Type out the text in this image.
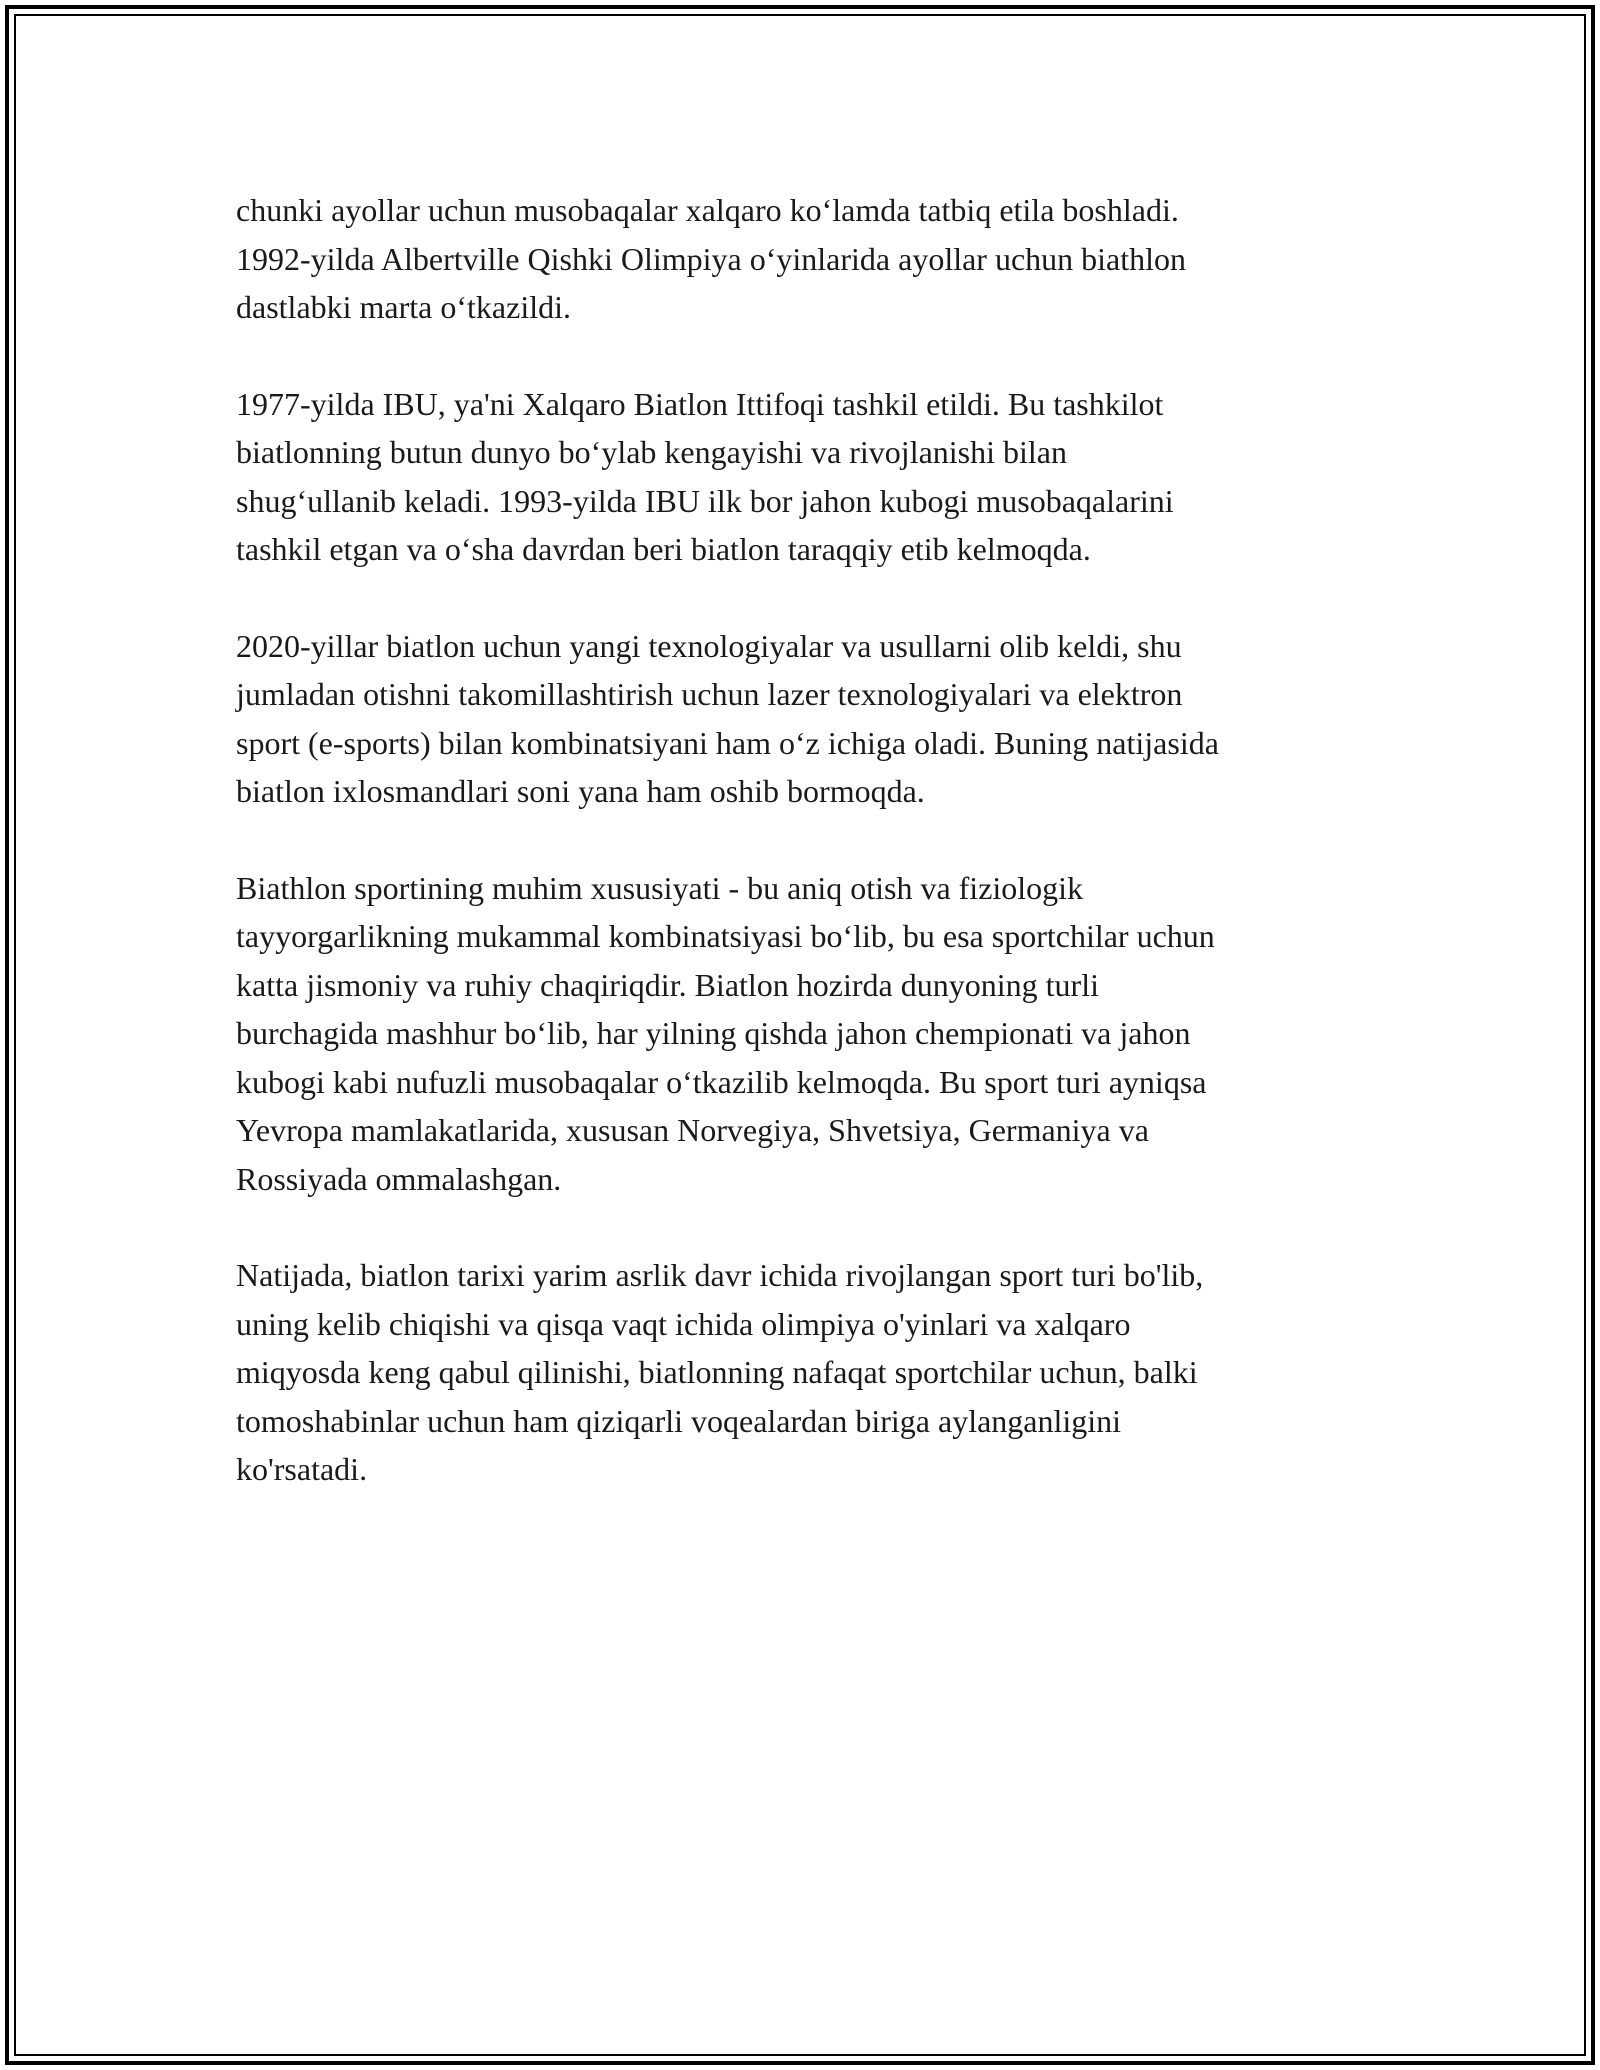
chunki ayollar uchun musobaqalar xalqaro ko‘lamda tatbiq etila boshladi.
1992-yilda Albertville Qishki Olimpiya o‘yinlarida ayollar uchun biathlon
dastlabki marta o‘tkazildi.

1977-yilda IBU, ya'ni Xalqaro Biatlon Ittifoqi tashkil etildi. Bu tashkilot
biatlonning butun dunyo bo‘ylab kengayishi va rivojlanishi bilan
shug‘ullanib keladi. 1993-yilda IBU ilk bor jahon kubogi musobaqalarini
tashkil etgan va o‘sha davrdan beri biatlon taraqqiy etib kelmoqda.

2020-yillar biatlon uchun yangi texnologiyalar va usullarni olib keldi, shu
jumladan otishni takomillashtirish uchun lazer texnologiyalari va elektron
sport (e-sports) bilan kombinatsiyani ham o‘z ichiga oladi. Buning natijasida
biatlon ixlosmandlari soni yana ham oshib bormoqda.

Biathlon sportining muhim xususiyati - bu aniq otish va fiziologik
tayyorgarlikning mukammal kombinatsiyasi bo‘lib, bu esa sportchilar uchun
katta jismoniy va ruhiy chaqiriqdir. Biatlon hozirda dunyoning turli
burchagida mashhur bo‘lib, har yilning qishda jahon chempionati va jahon
kubogi kabi nufuzli musobaqalar o‘tkazilib kelmoqda. Bu sport turi ayniqsa
Yevropa mamlakatlarida, xususan Norvegiya, Shvetsiya, Germaniya va
Rossiyada ommalashgan.

Natijada, biatlon tarixi yarim asrlik davr ichida rivojlangan sport turi bo'lib,
uning kelib chiqishi va qisqa vaqt ichida olimpiya o'yinlari va xalqaro
miqyosda keng qabul qilinishi, biatlonning nafaqat sportchilar uchun, balki
tomoshabinlar uchun ham qiziqarli voqealardan biriga aylanganligini
ko'rsatadi.
